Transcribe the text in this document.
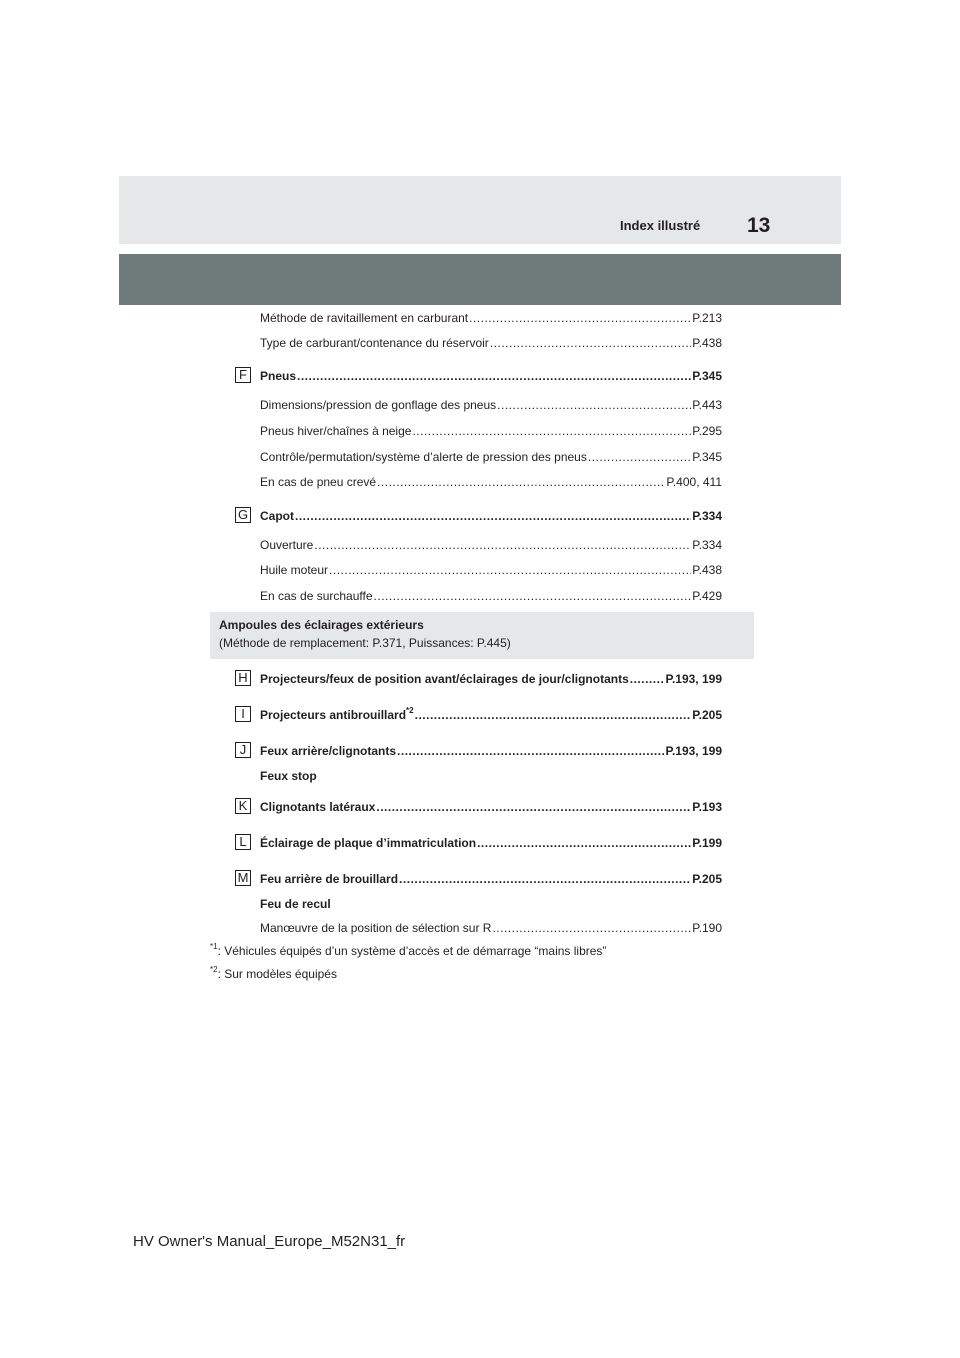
Index illustré 13
Méthode de ravitaillement en carburant .....	P.213
Type de carburant/contenance du réservoir .....	P.438
F	Pneus .....	P.345
Dimensions/pression de gonflage des pneus .....	P.443
Pneus hiver/chaînes à neige .....	P.295
Contrôle/permutation/système d’alerte de pression des pneus .....	P.345
En cas de pneu crevé .....	P.400, 411
G Capot .....	P.334
Ouverture .....	P.334
Huile moteur .....	P.438
En cas de surchauffe .....	P.429
Ampoules des éclairages extérieurs
(Méthode de remplacement: P.371, Puissances: P.445)
H Projecteurs/feux de position avant/éclairages de jour/clignotants .....	P.193, 199
I	Projecteurs antibrouillard$^{*2}$ .....	P.205
J	Feux arrière/clignotants .....	P.193, 199
Feux stop
K	Clignotants latéraux .....	P.193
L	Éclairage de plaque d’immatriculation .....	P.199
M Feu arrière de brouillard .....	P.205
Feu de recul
Manœuvre de la position de sélection sur R .....	P.190
$^{*1}$: Véhicules équipés d’un système d’accès et de démarrage “mains libres”
$^{*2}$: Sur modèles équipés
HV Owner's Manual_Europe_M52N31_fr
